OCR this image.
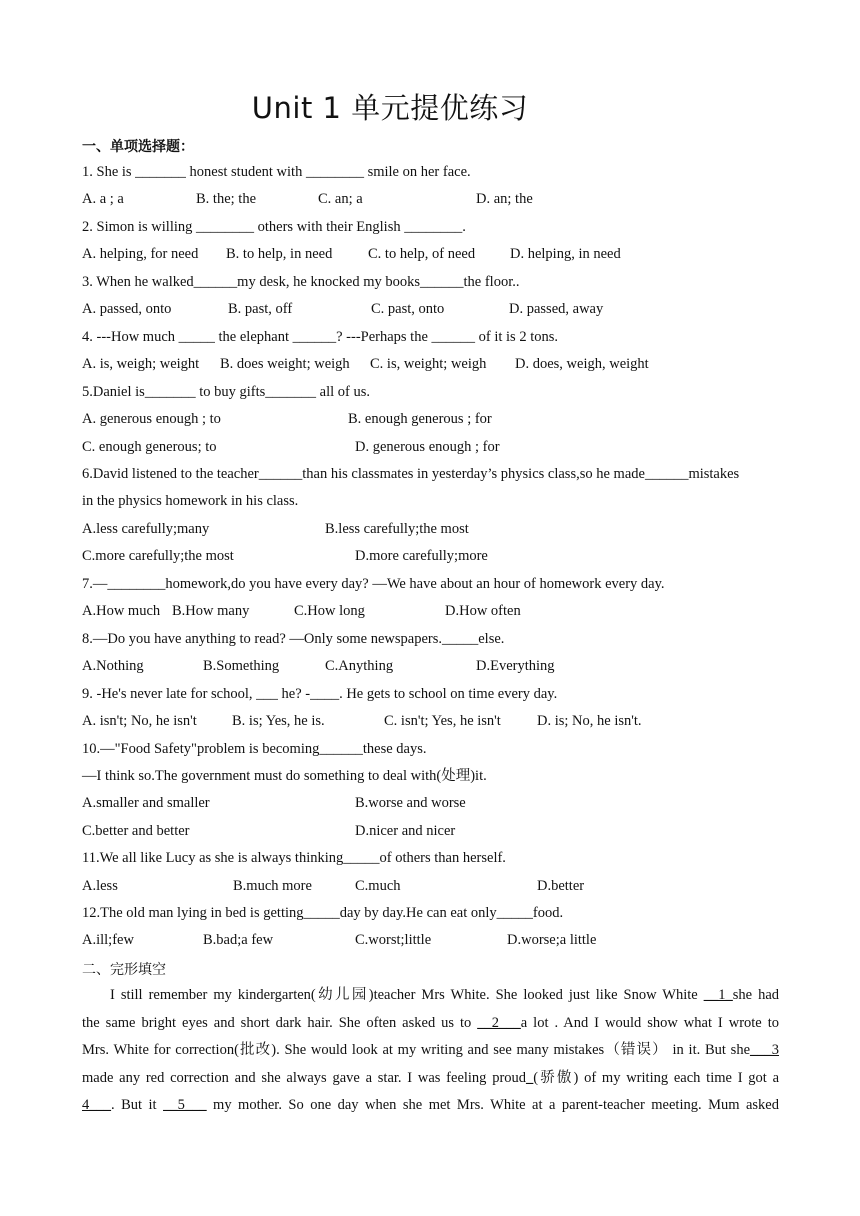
Unit 1 单元提优练习
一、单项选择题：
1. She is _______ honest student with ________ smile on her face.
A. a ; a	B. the; the	C. an; a	D. an; the
2. Simon is willing ________ others with their English ________.
A. helping, for need B. to help, in need C. to help, of need D. helping, in need
3. When he walked______my desk, he knocked my books______the floor..
A. passed, onto	B. past, off	C. past, onto	D. passed, away
4. ---How much _____ the elephant ______? ---Perhaps the ______ of it is 2 tons.
A. is, weigh; weight B. does weight; weigh C. is, weight; weigh D. does, weigh, weight
5.Daniel is_______ to buy gifts_______ all of us.
A. generous enough ; to	B. enough generous ; for
C. enough generous; to	D. generous enough ; for
6.David listened to the teacher______than his classmates in yesterday’s physics class,so he made______mistakes
in the physics homework in his class.
A.less carefully;many	B.less carefully;the most
C.more carefully;the most	D.more carefully;more
7.—________homework,do you have every day? —We have about an hour of homework every day.
A.How much B.How many	C.How long	D.How often
8.—Do you have anything to read? —Only some newspapers._____else.
A.Nothing	B.Something	C.Anything	D.Everything
9. -He's never late for school, ___ he? -____. He gets to school on time every day.
A. isn't; No, he isn't B. is; Yes, he is.	C. isn't; Yes, he isn't D. is; No, he isn't.
10.—"Food Safety"problem is becoming______these days.
—I think so.The government must do something to deal with(处理)it.
A.smaller and smaller	B.worse and worse
C.better and better	D.nicer and nicer
11.We all like Lucy as she is always thinking_____of others than herself.
A.less	B.much more	C.much	D.better
12.The old man lying in bed is getting_____day by day.He can eat only_____food.
A.ill;few	B.bad;a few	C.worst;little	D.worse;a little
二、完形填空
I still remember my kindergarten(幼儿园)teacher Mrs White. She looked just like Snow White __1_she had
the same bright eyes and short dark hair. She often asked us to __2___a lot . And I would show what I wrote to
Mrs. White for correction(批改). She would look at my writing and see many mistakes（错误） in it. But she___3
made any red correction and she always gave a star. I was feeling proud_(骄傲) of my writing each time I got a
4___. But it __5___ my mother. So one day when she met Mrs. White at a parent-teacher meeting. Mum asked
